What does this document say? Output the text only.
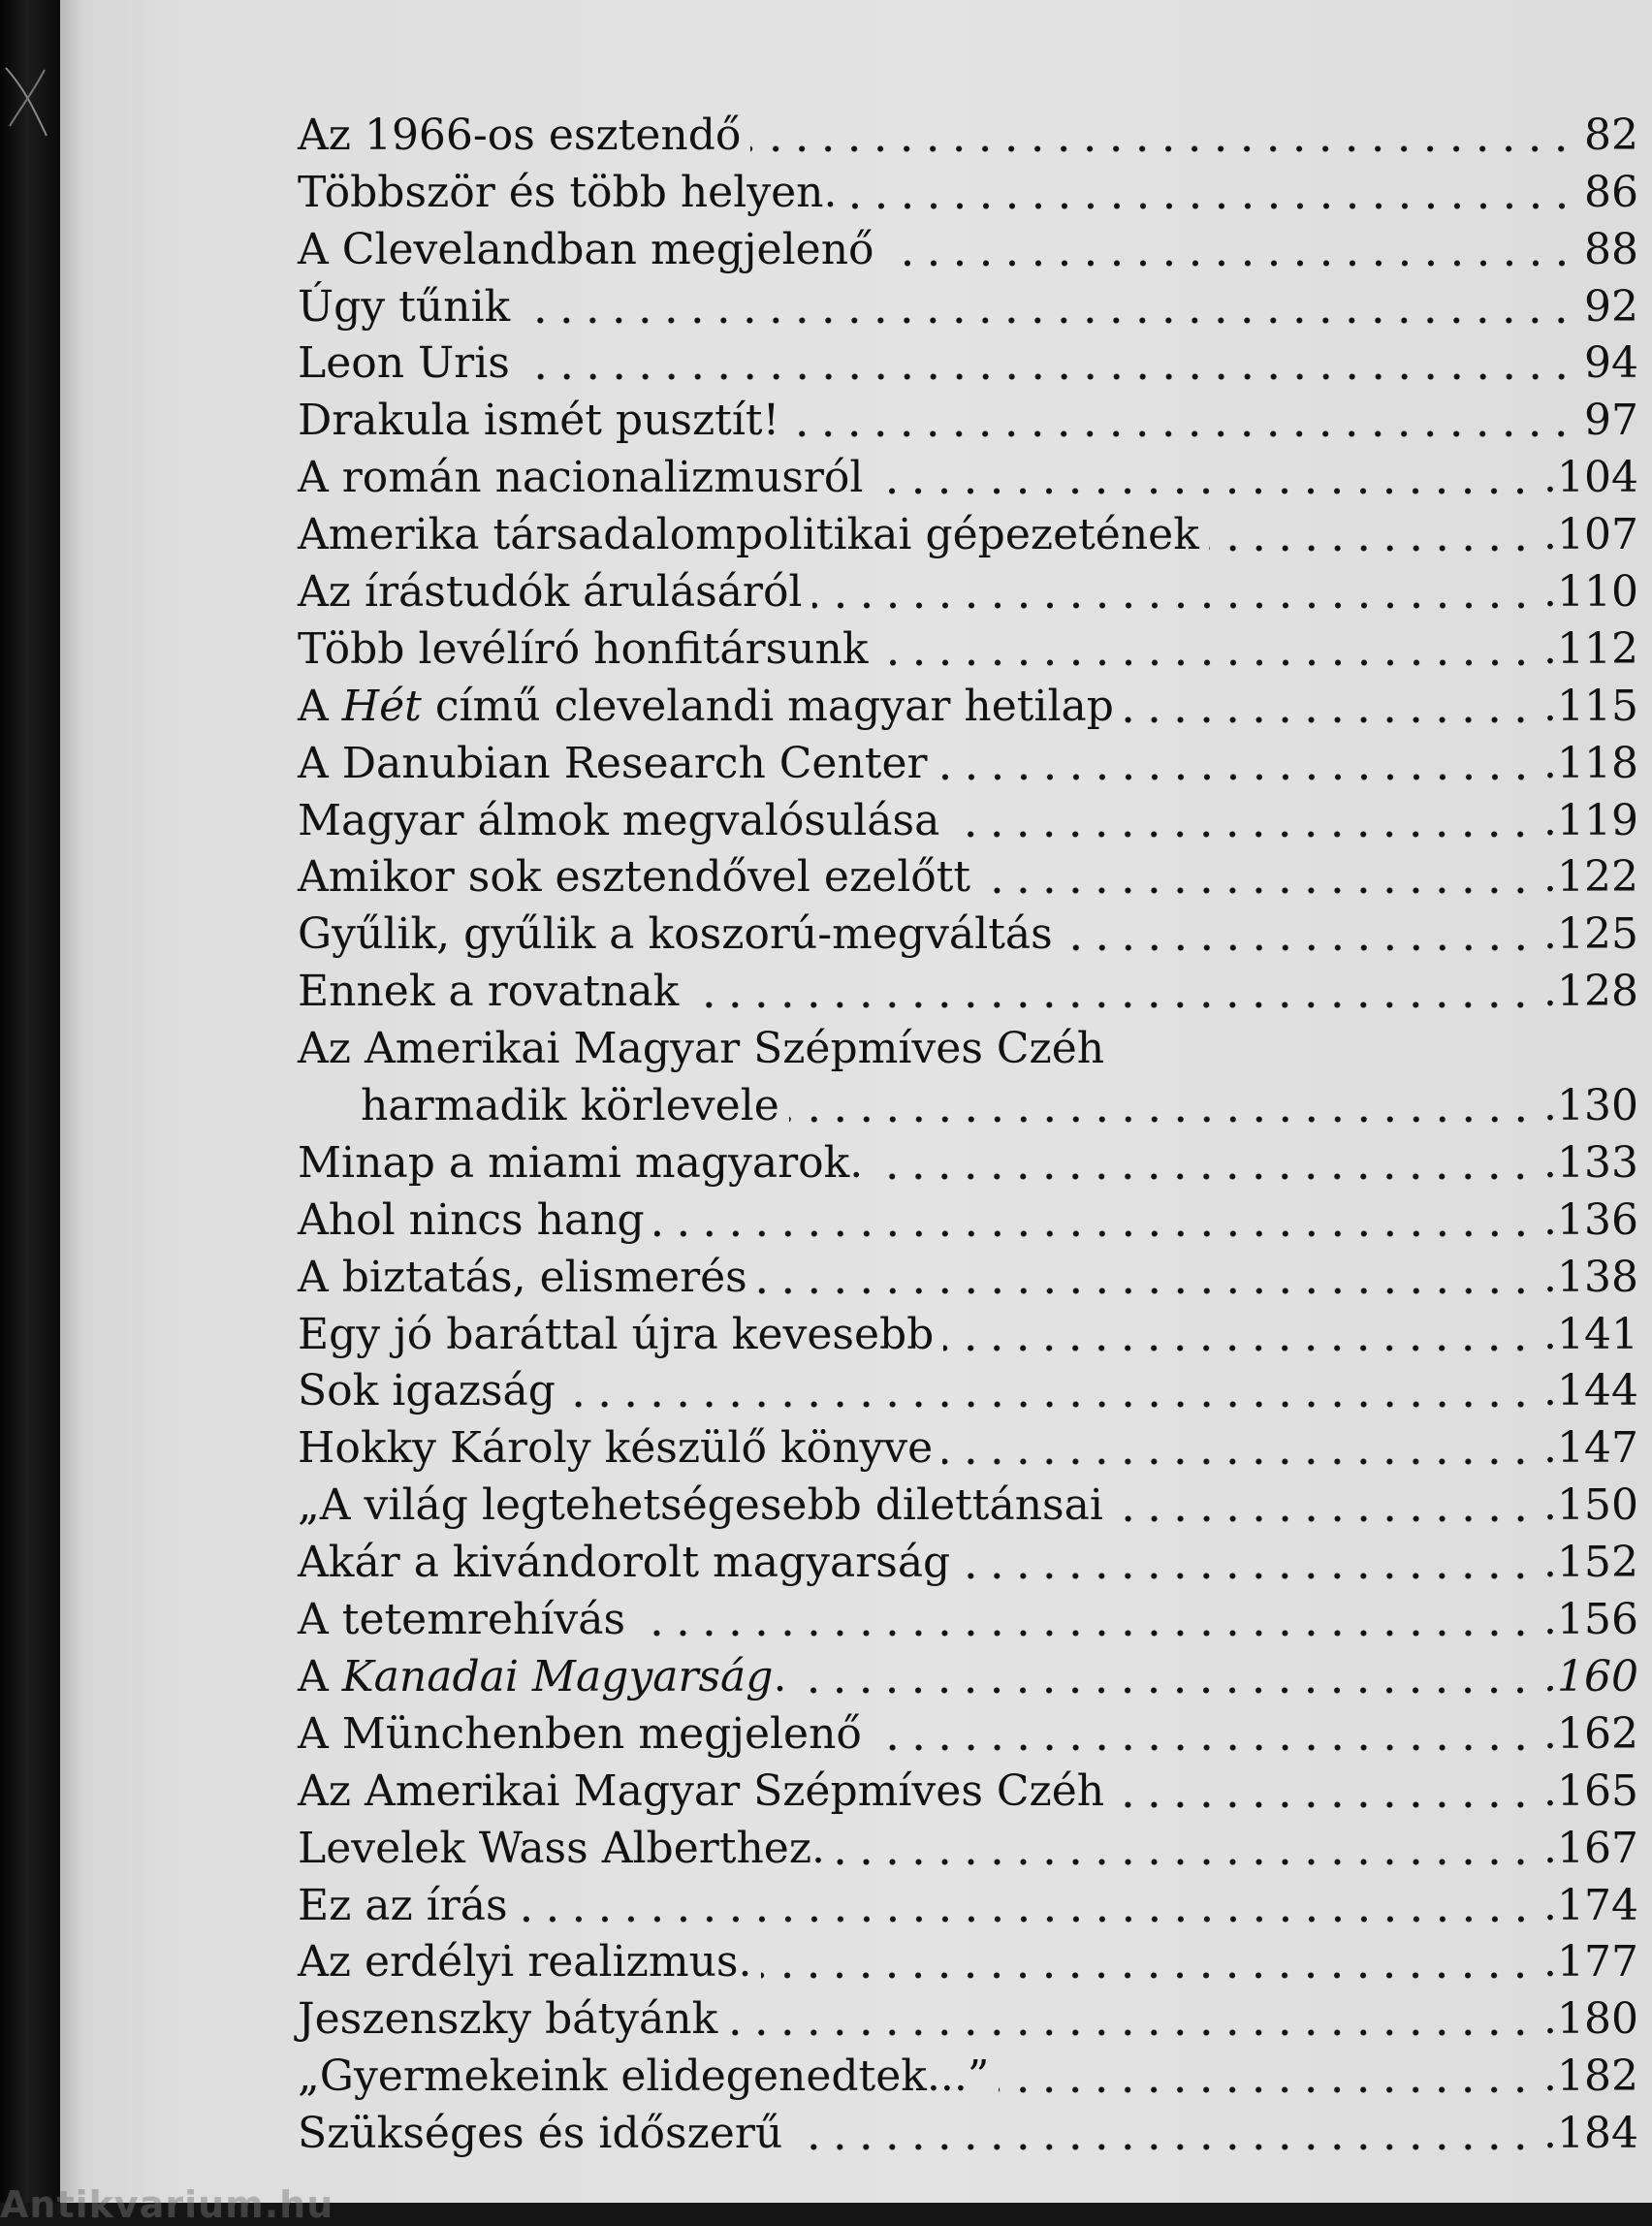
Az 1966-os esztendő	82
Többször és több helyen.	86
A Clevelandban megjelenő	88
Úgy tűnik	92
Leon Uris	94
Drakula ismét pusztít!	97
A román nacionalizmusról	.104
Amerika társadalompolitikai gépezetének	.107
Az írástudók árulásáról	.110
Több levélíró honfitársunk	.112
A Hét című clevelandi magyar hetilap	.115
A Danubian Research Center	.118
Magyar álmok megvalósulása	.119
Amikor sok esztendővel ezelőtt	.122
Gyűlik, gyűlik a koszorú-megváltás	.125
Ennek a rovatnak	.128
Az Amerikai Magyar Szépmíves Czéh
harmadik körlevele	.130
Minap a miami magyarok.	.133
Ahol nincs hang	.136
A biztatás, elismerés	.138
Egy jó baráttal újra kevesebb	.141
Sok igazság	.144
Hokky Károly készülő könyve	.147
„A világ legtehetségesebb dilettánsai	.150
Akár a kivándorolt magyarság	.152
A tetemrehívás	.156
A Kanadai Magyarság.	.160
A Münchenben megjelenő	.162
Az Amerikai Magyar Szépmíves Czéh	.165
Levelek Wass Alberthez.	.167
Ez az írás	.174
Az erdélyi realizmus.	.177
Jeszenszky bátyánk	.180
„Gyermekeink elidegenedtek...”	.182
Szükséges és időszerű	.184
Antikvarium.hu
